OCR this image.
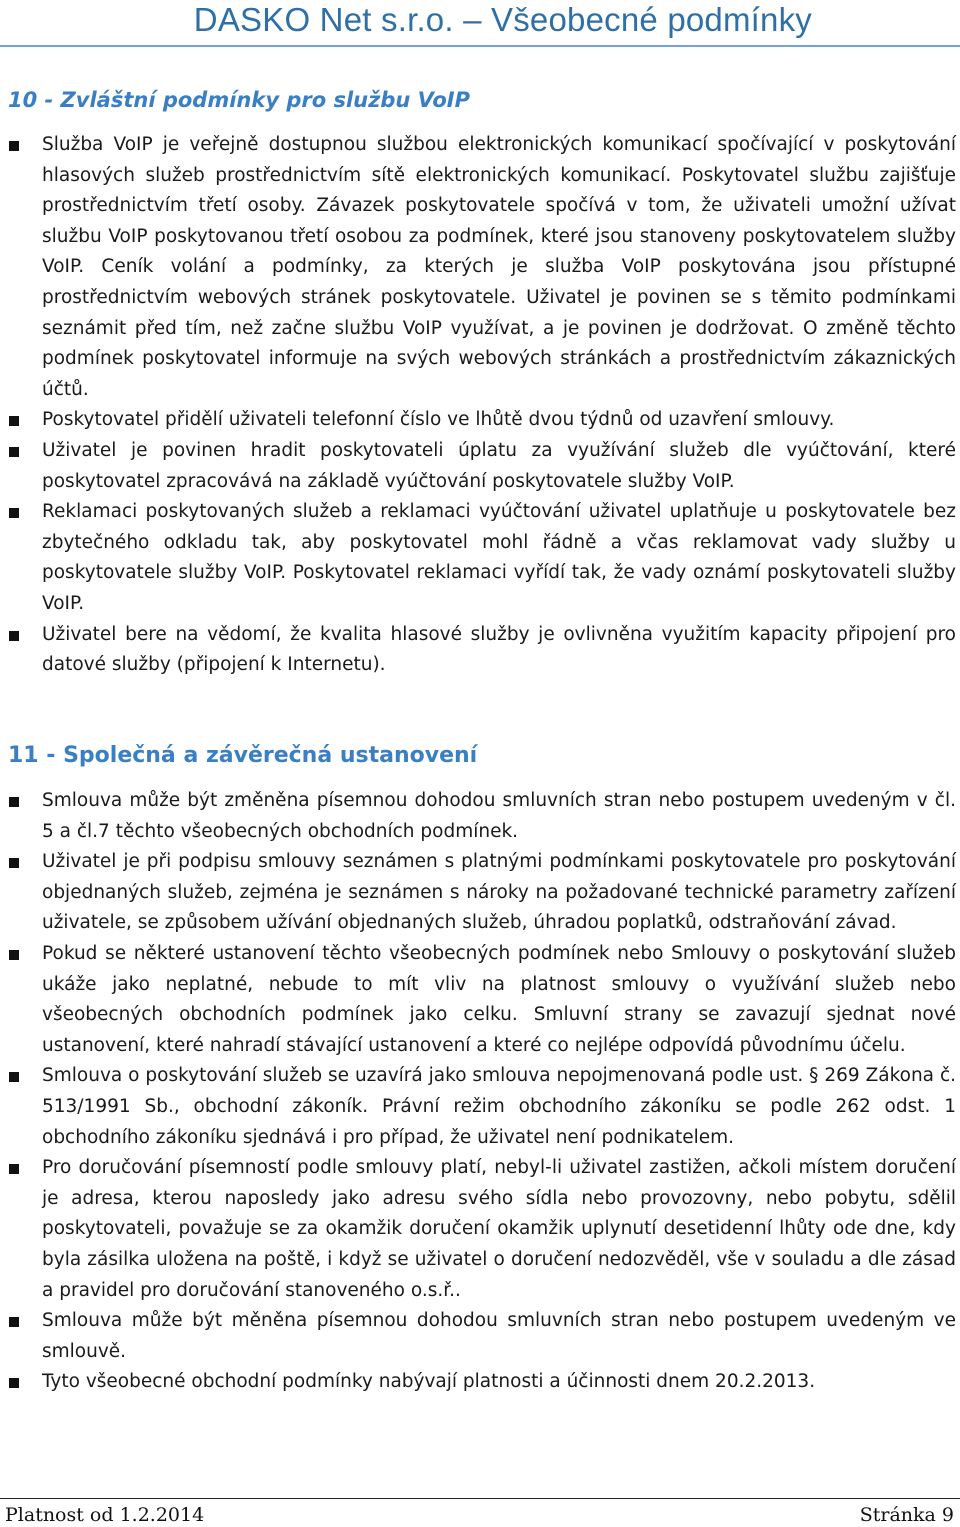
DASKO Net s.r.o. – Všeobecné podmínky
10 - Zvláštní podmínky pro službu VoIP
Služba VoIP je veřejně dostupnou službou elektronických komunikací spočívající v poskytování hlasových služeb prostřednictvím sítě elektronických komunikací. Poskytovatel službu zajišťuje prostřednictvím třetí osoby. Závazek poskytovatele spočívá v tom, že uživateli umožní užívat službu VoIP poskytovanou třetí osobou za podmínek, které jsou stanoveny poskytovatelem služby VoIP. Ceník volání a podmínky, za kterých je služba VoIP poskytována jsou přístupné prostřednictvím webových stránek poskytovatele. Uživatel je povinen se s těmito podmínkami seznámit před tím, než začne službu VoIP využívat, a je povinen je dodržovat. O změně těchto podmínek poskytovatel informuje na svých webových stránkách a prostřednictvím zákaznických účtů.
Poskytovatel přidělí uživateli telefonní číslo ve lhůtě dvou týdnů od uzavření smlouvy.
Uživatel je povinen hradit poskytovateli úplatu za využívání služeb dle vyúčtování, které poskytovatel zpracovává na základě vyúčtování poskytovatele služby VoIP.
Reklamaci poskytovaných služeb a reklamaci vyúčtování uživatel uplatňuje u poskytovatele bez zbytečného odkladu tak, aby poskytovatel mohl řádně a včas reklamovat vady služby u poskytovatele služby VoIP. Poskytovatel reklamaci vyřídí tak, že vady oznámí poskytovateli služby VoIP.
Uživatel bere na vědomí, že kvalita hlasové služby je ovlivněna využitím kapacity připojení pro datové služby (připojení k Internetu).
11 - Společná a závěrečná ustanovení
Smlouva může být změněna písemnou dohodou smluvních stran nebo postupem uvedeným v čl. 5 a čl.7 těchto všeobecných obchodních podmínek.
Uživatel je při podpisu smlouvy seznámen s platnými podmínkami poskytovatele pro poskytování objednaných služeb, zejména je seznámen s nároky na požadované technické parametry zařízení uživatele, se způsobem užívání objednaných služeb, úhradou poplatků, odstraňování závad.
Pokud se některé ustanovení těchto všeobecných podmínek nebo Smlouvy o poskytování služeb ukáže jako neplatné, nebude to mít vliv na platnost smlouvy o využívání služeb nebo všeobecných obchodních podmínek jako celku. Smluvní strany se zavazují sjednat nové ustanovení, které nahradí stávající ustanovení a které co nejlépe odpovídá původnímu účelu.
Smlouva o poskytování služeb se uzavírá jako smlouva nepojmenovaná podle ust. § 269 Zákona č. 513/1991 Sb., obchodní zákoník. Právní režim obchodního zákoníku se podle 262 odst. 1 obchodního zákoníku sjednává i pro případ, že uživatel není podnikatelem.
Pro doručování písemností podle smlouvy platí, nebyl-li uživatel zastižen, ačkoli místem doručení je adresa, kterou naposledy jako adresu svého sídla nebo provozovny, nebo pobytu, sdělil poskytovateli, považuje se za okamžik doručení okamžik uplynutí desetidenní lhůty ode dne, kdy byla zásilka uložena na poště, i když se uživatel o doručení nedozvěděl, vše v souladu a dle zásad a pravidel pro doručování stanoveného o.s.ř..
Smlouva může být měněna písemnou dohodou smluvních stran nebo postupem uvedeným ve smlouvě.
Tyto všeobecné obchodní podmínky nabývají platnosti a účinnosti dnem 20.2.2013.
Platnost od 1.2.2014	Stránka 9
